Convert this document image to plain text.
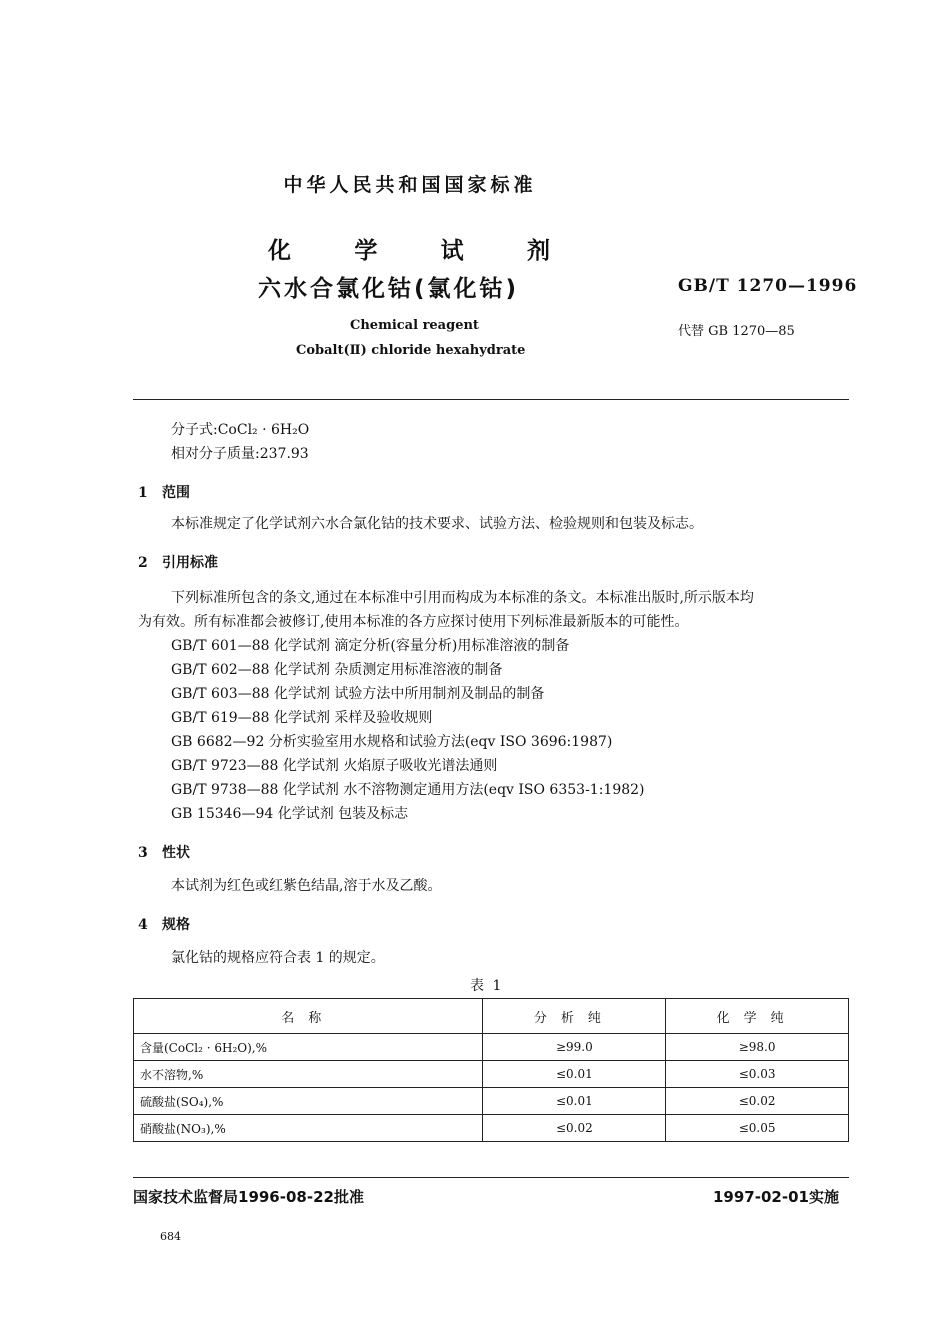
中华人民共和国国家标准
化	学	试	剂
六水合氯化钴(氯化钴)	GB/T 1270—1996
Chemical reagent
Cobalt(Ⅱ) chloride hexahydrate
代替 GB 1270—85
分子式:CoCl₂ · 6H₂O
相对分子质量:237.93
1 范围
本标准规定了化学试剂六水合氯化钴的技术要求、试验方法、检验规则和包装及标志。
2 引用标准
下列标准所包含的条文,通过在本标准中引用而构成为本标准的条文。本标准出版时,所示版本均
为有效。所有标准都会被修订,使用本标准的各方应探讨使用下列标准最新版本的可能性。
GB/T 601—88 化学试剂 滴定分析(容量分析)用标准溶液的制备
GB/T 602—88 化学试剂 杂质测定用标准溶液的制备
GB/T 603—88 化学试剂 试验方法中所用制剂及制品的制备
GB/T 619—88 化学试剂 采样及验收规则
GB 6682—92 分析实验室用水规格和试验方法(eqv ISO 3696:1987)
GB/T 9723—88 化学试剂 火焰原子吸收光谱法通则
GB/T 9738—88 化学试剂 水不溶物测定通用方法(eqv ISO 6353-1:1982)
GB 15346—94 化学试剂 包装及标志
3 性状
本试剂为红色或红紫色结晶,溶于水及乙酸。
4 规格
氯化钴的规格应符合表 1 的规定。
表 1
名称	分析纯	化学纯
含量(CoCl₂ · 6H₂O),%	≥99.0	≥98.0
水不溶物,%	≤0.01	≤0.03
硫酸盐(SO₄),%	≤0.01	≤0.02
硝酸盐(NO₃),%	≤0.02	≤0.05
国家技术监督局1996-08-22批准	1997-02-01实施
684
